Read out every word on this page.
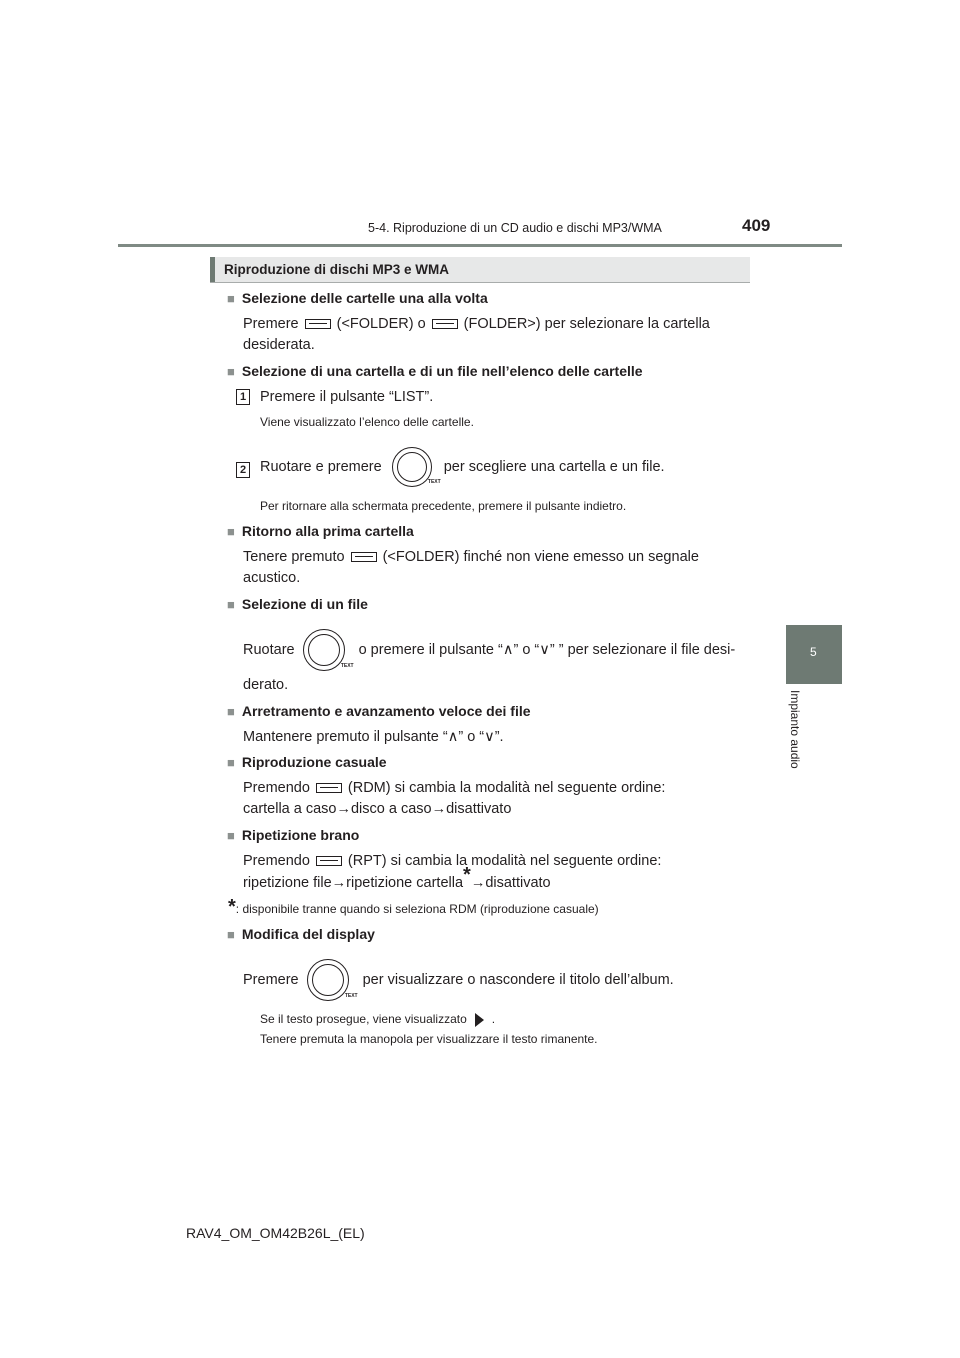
5-4. Riproduzione di un CD audio e dischi MP3/WMA	409
5
Impianto audio
Riproduzione di dischi MP3 e WMA
■ Selezione delle cartelle una alla volta
Premere	(<FOLDER) o	(FOLDER>) per selezionare la cartella
desiderata.
■ Selezione di una cartella e di un file nell’elenco delle cartelle
1 Premere il pulsante “LIST”.
Viene visualizzato l’elenco delle cartelle.
2 Ruotare e premere
TEXT
per scegliere una cartella e un file.
Per ritornare alla schermata precedente, premere il pulsante indietro.
■ Ritorno alla prima cartella
Tenere premuto	(<FOLDER) finché non viene emesso un segnale
acustico.
■ Selezione di un file
Ruotare
TEXT
o premere il pulsante “∧” o “∨” ” per selezionare il file desi-
derato.
■ Arretramento e avanzamento veloce dei file
Mantenere premuto il pulsante “∧” o “∨”.
■ Riproduzione casuale
Premendo	(RDM) si cambia la modalità nel seguente ordine:
cartella a caso→disco a caso→disattivato
■ Ripetizione brano
Premendo	(RPT) si cambia la modalità nel seguente ordine:
ripetizione file→ripetizione cartella*→disattivato
*: disponibile tranne quando si seleziona RDM (riproduzione casuale)
■ Modifica del display
Premere
TEXT
per visualizzare o nascondere il titolo dell’album.
Se il testo prosegue, viene visualizzato .
Tenere premuta la manopola per visualizzare il testo rimanente.
RAV4_OM_OM42B26L_(EL)
